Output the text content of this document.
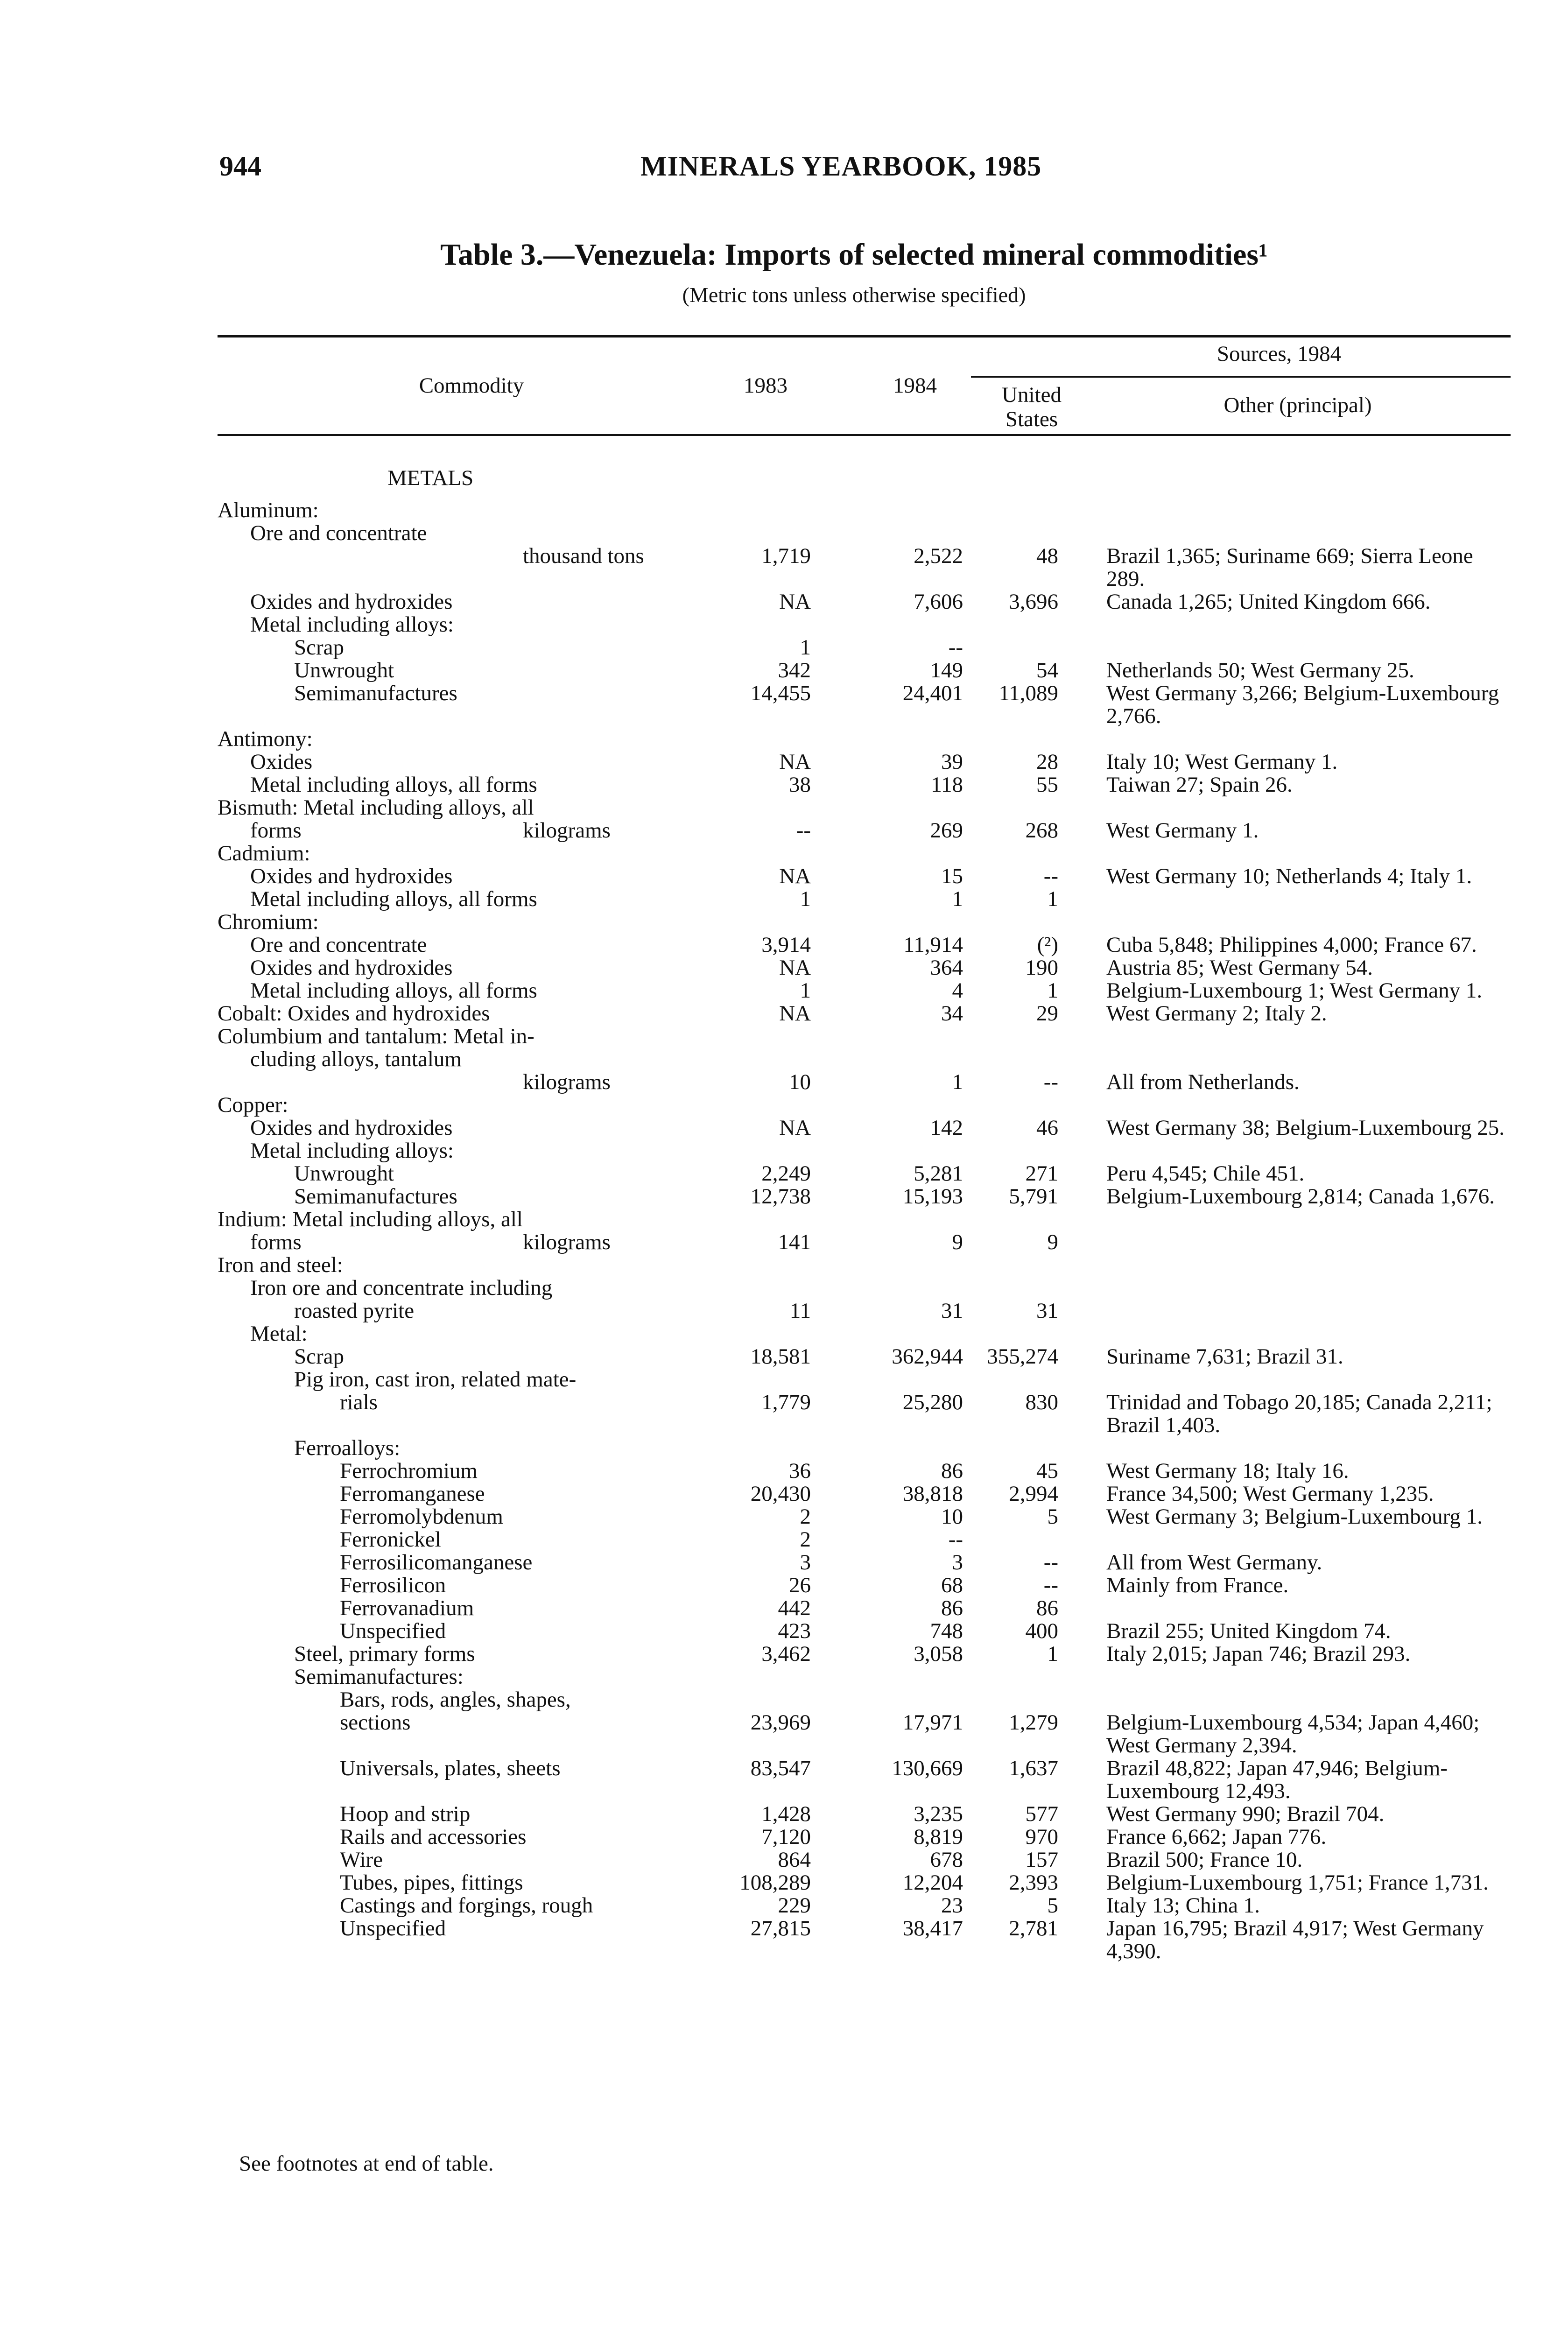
944	MINERALS YEARBOOK, 1985
Table 3.—Venezuela: Imports of selected mineral commodities¹
(Metric tons unless otherwise specified)
Commodity	1983	1984
Sources, 1984
United States
Other (principal)
METALS
Aluminum:
Ore and concentrate
thousand tons	1,719	2,522	48 Brazil 1,365; Suriname 669; Sierra Leone 289.
Oxides and hydroxides	NA	7,606 3,696 Canada 1,265; United Kingdom 666.
Metal including alloys:
Scrap	1	--
Unwrought	342	149	54 Netherlands 50; West Germany 25.
Semimanufactures	14,455	24,401 11,089 West Germany 3,266; Belgium-Luxembourg 2,766.
Antimony:
Oxides	NA	39	28 Italy 10; West Germany 1.
Metal including alloys, all forms	38	118	55 Taiwan 27; Spain 26.
Bismuth: Metal including alloys, all
forms	kilograms	--	269	268 West Germany 1.
Cadmium:
Oxides and hydroxides	NA	15	-- West Germany 10; Netherlands 4; Italy 1.
Metal including alloys, all forms	1	1	1
Chromium:
Ore and concentrate	3,914	11,914	(²) Cuba 5,848; Philippines 4,000; France 67.
Oxides and hydroxides	NA	364	190 Austria 85; West Germany 54.
Metal including alloys, all forms	1	4	1 Belgium-Luxembourg 1; West Germany 1.
Cobalt: Oxides and hydroxides	NA	34	29 West Germany 2; Italy 2.
Columbium and tantalum: Metal in-
cluding alloys, tantalum
kilograms	10	1	-- All from Netherlands.
Copper:
Oxides and hydroxides	NA	142	46 West Germany 38; Belgium-Luxembourg 25.
Metal including alloys:
Unwrought	2,249	5,281	271 Peru 4,545; Chile 451.
Semimanufactures	12,738	15,193 5,791 Belgium-Luxembourg 2,814; Canada 1,676.
Indium: Metal including alloys, all
forms	kilograms	141	9	9
Iron and steel:
Iron ore and concentrate including
roasted pyrite	11	31	31
Metal:
Scrap	18,581	362,944 355,274 Suriname 7,631; Brazil 31.
Pig iron, cast iron, related mate-
rials	1,779	25,280	830 Trinidad and Tobago 20,185; Canada 2,211; Brazil 1,403.
Ferroalloys:
Ferrochromium	36	86	45 West Germany 18; Italy 16.
Ferromanganese	20,430	38,818 2,994 France 34,500; West Germany 1,235.
Ferromolybdenum	2	10	5 West Germany 3; Belgium-Luxembourg 1.
Ferronickel	2	--
Ferrosilicomanganese	3	3	-- All from West Germany.
Ferrosilicon	26	68	-- Mainly from France.
Ferrovanadium	442	86	86
Unspecified	423	748	400 Brazil 255; United Kingdom 74.
Steel, primary forms	3,462	3,058	1 Italy 2,015; Japan 746; Brazil 293.
Semimanufactures:
Bars, rods, angles, shapes,
sections	23,969	17,971 1,279 Belgium-Luxembourg 4,534; Japan 4,460; West Germany 2,394.
Universals, plates, sheets	83,547	130,669 1,637 Brazil 48,822; Japan 47,946; Belgium-Luxembourg 12,493.
Hoop and strip	1,428	3,235	577 West Germany 990; Brazil 704.
Rails and accessories	7,120	8,819	970 France 6,662; Japan 776.
Wire	864	678	157 Brazil 500; France 10.
Tubes, pipes, fittings	108,289	12,204 2,393 Belgium-Luxembourg 1,751; France 1,731.
Castings and forgings, rough	229	23	5 Italy 13; China 1.
Unspecified	27,815	38,417 2,781 Japan 16,795; Brazil 4,917; West Germany 4,390.
See footnotes at end of table.
